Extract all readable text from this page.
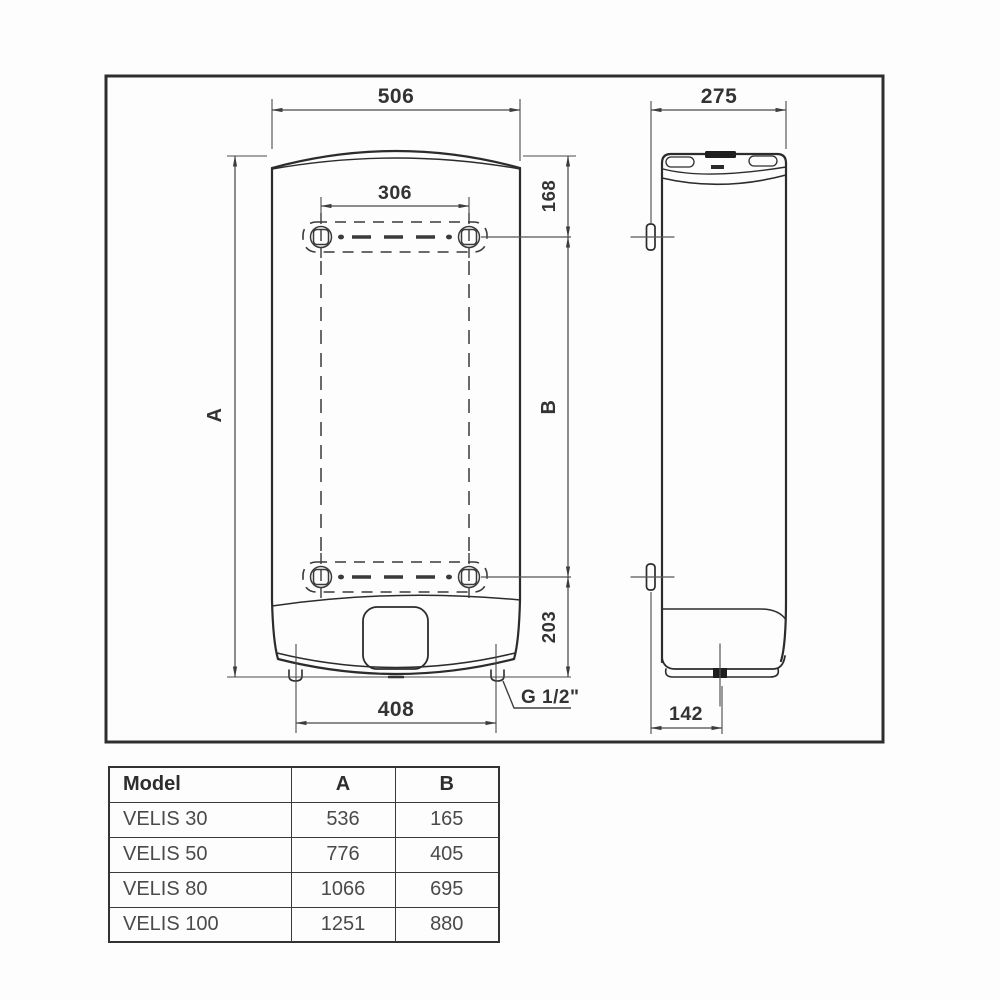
506
306
A
168
B
203
408
G 1/2"
275
142
Model	A	B
VELIS 30	536	165
VELIS 50	776	405
VELIS 80	1066	695
VELIS 100	1251	880
